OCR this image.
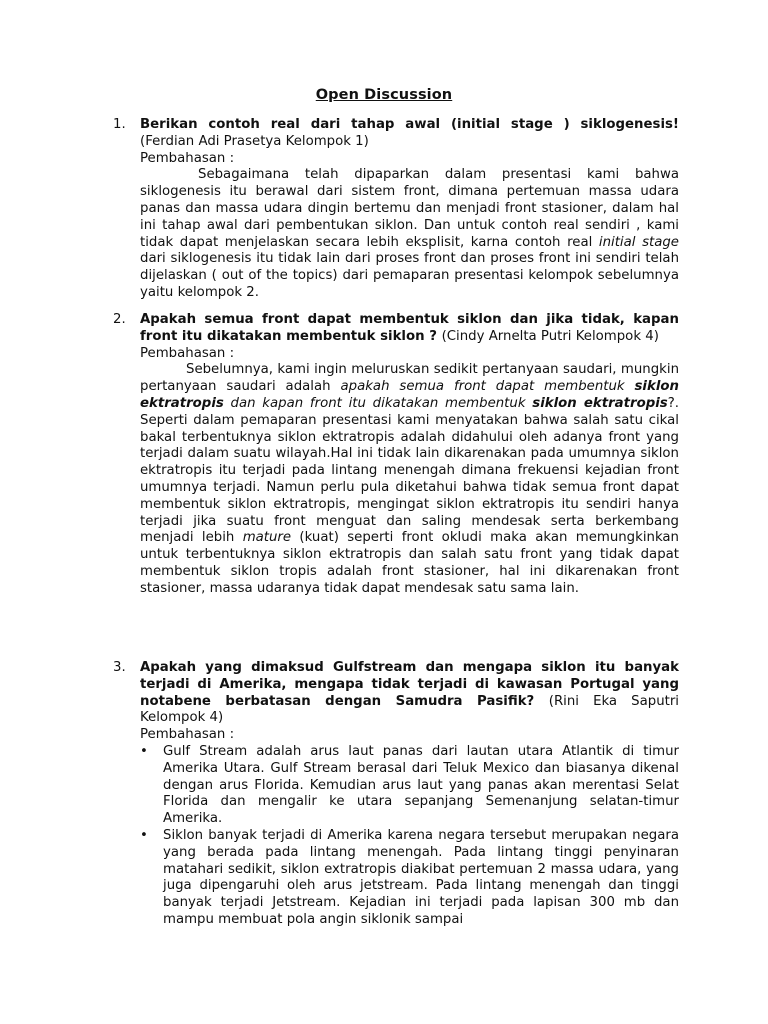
Open Discussion
1. Berikan contoh real dari tahap awal (initial stage ) siklogenesis! (Ferdian Adi Prasetya Kelompok 1)
Pembahasan :
Sebagaimana telah dipaparkan dalam presentasi kami bahwa siklogenesis itu berawal dari sistem front, dimana pertemuan massa udara panas dan massa udara dingin bertemu dan menjadi front stasioner, dalam hal ini tahap awal dari pembentukan siklon. Dan untuk contoh real sendiri , kami tidak dapat menjelaskan secara lebih eksplisit, karna contoh real initial stage dari siklogenesis itu tidak lain dari proses front dan proses front ini sendiri telah dijelaskan ( out of the topics) dari pemaparan presentasi kelompok sebelumnya yaitu kelompok 2.
2. Apakah semua front dapat membentuk siklon dan jika tidak, kapan front itu dikatakan membentuk siklon ? (Cindy Arnelta Putri Kelompok 4)
Pembahasan :
Sebelumnya, kami ingin meluruskan sedikit pertanyaan saudari, mungkin pertanyaan saudari adalah apakah semua front dapat membentuk siklon ektratropis dan kapan front itu dikatakan membentuk siklon ektratropis?. Seperti dalam pemaparan presentasi kami menyatakan bahwa salah satu cikal bakal terbentuknya siklon ektratropis adalah didahului oleh adanya front yang terjadi dalam suatu wilayah.Hal ini tidak lain dikarenakan pada umumnya siklon ektratropis itu terjadi pada lintang menengah dimana frekuensi kejadian front umumnya terjadi. Namun perlu pula diketahui bahwa tidak semua front dapat membentuk siklon ektratropis, mengingat siklon ektratropis itu sendiri hanya terjadi jika suatu front menguat dan saling mendesak serta berkembang menjadi lebih mature (kuat) seperti front okludi maka akan memungkinkan untuk terbentuknya siklon ektratropis dan salah satu front yang tidak dapat membentuk siklon tropis adalah front stasioner, hal ini dikarenakan front stasioner, massa udaranya tidak dapat mendesak satu sama lain.
3. Apakah yang dimaksud Gulfstream dan mengapa siklon itu banyak terjadi di Amerika, mengapa tidak terjadi di kawasan Portugal yang notabene berbatasan dengan Samudra Pasifik? (Rini Eka Saputri Kelompok 4)
Pembahasan :
• Gulf Stream adalah arus laut panas dari lautan utara Atlantik di timur Amerika Utara. Gulf Stream berasal dari Teluk Mexico dan biasanya dikenal dengan arus Florida. Kemudian arus laut yang panas akan merentasi Selat Florida dan mengalir ke utara sepanjang Semenanjung selatan-timur Amerika.
• Siklon banyak terjadi di Amerika karena negara tersebut merupakan negara yang berada pada lintang menengah. Pada lintang tinggi penyinaran matahari sedikit, siklon extratropis diakibat pertemuan 2 massa udara, yang juga dipengaruhi oleh arus jetstream. Pada lintang menengah dan tinggi banyak terjadi Jetstream. Kejadian ini terjadi pada lapisan 300 mb dan mampu membuat pola angin siklonik sampai
